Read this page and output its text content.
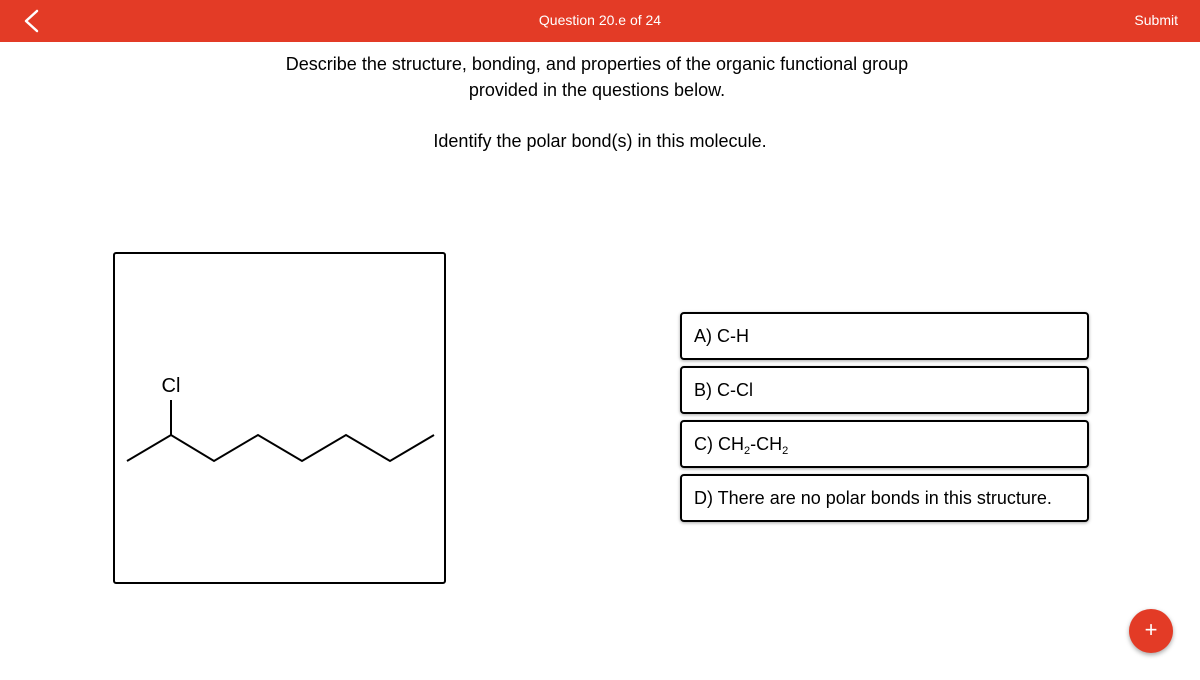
Question 20.e of 24	Submit
Describe the structure, bonding, and properties of the organic functional group
provided in the questions below.
Identify the polar bond(s) in this molecule.
Cl
A) C-H
B) C-Cl
C) $CH_2-CH_2$
D) There are no polar bonds in this structure.
+
